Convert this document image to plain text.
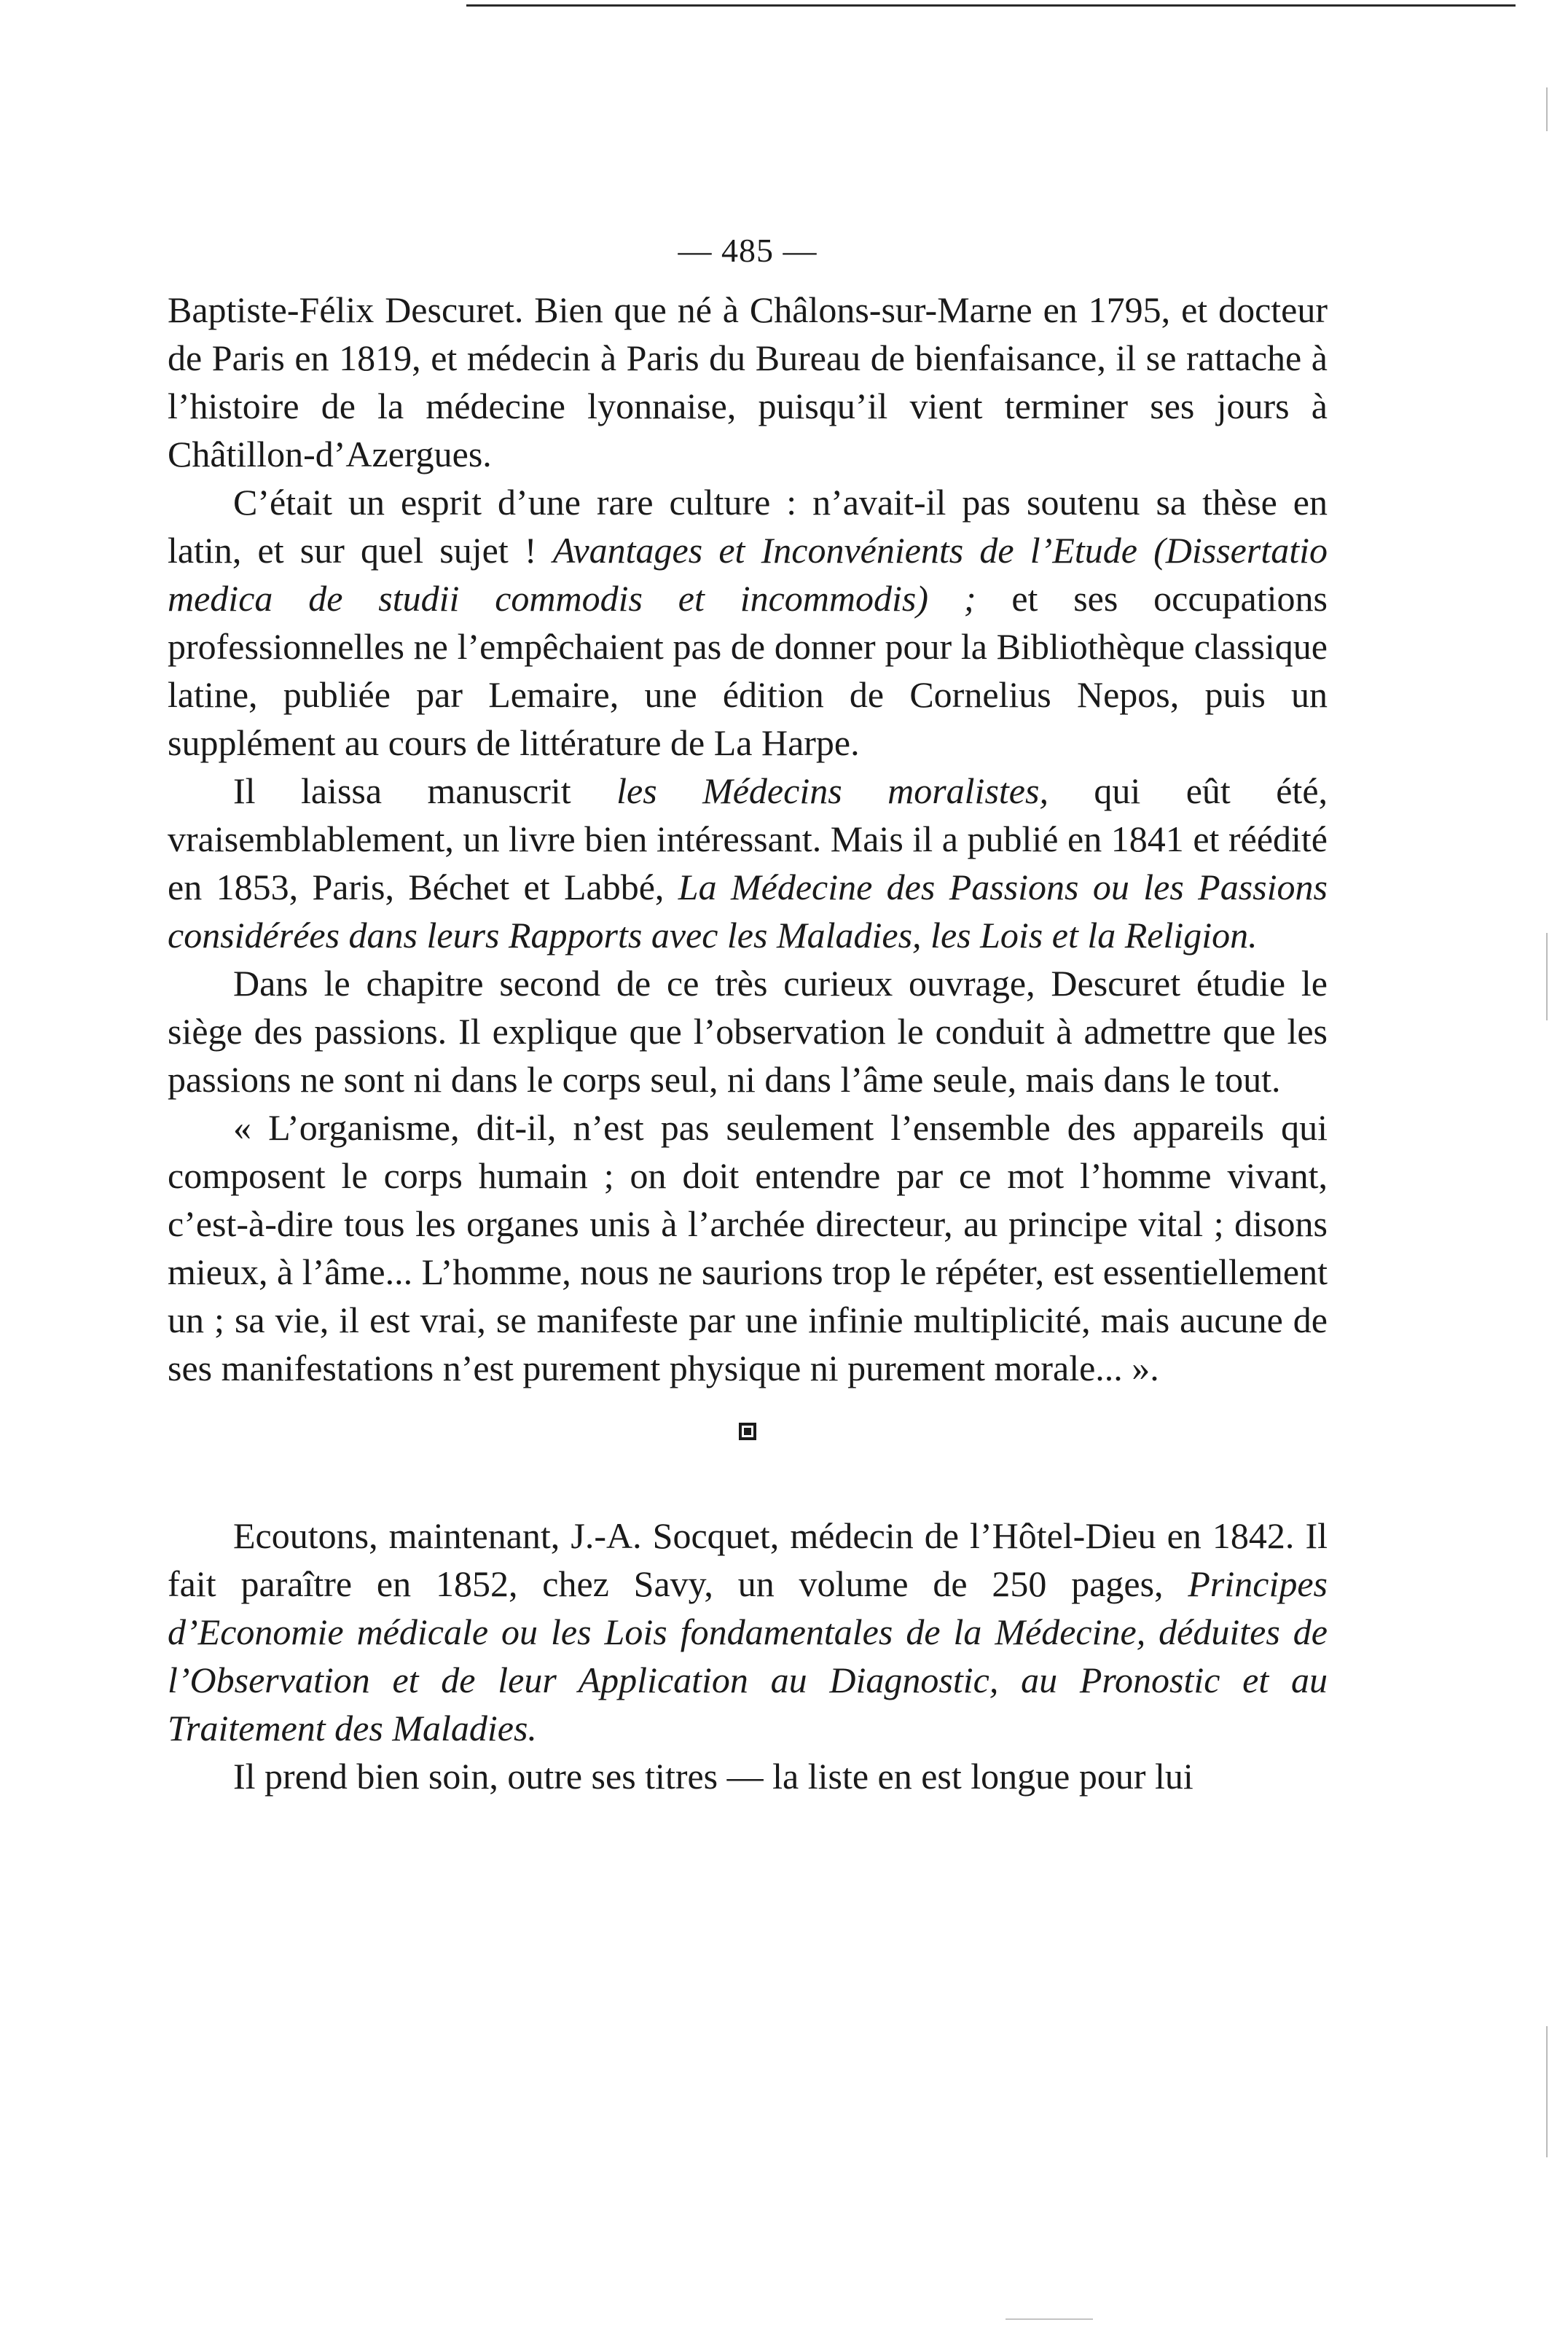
— 485 —

Baptiste-Félix Descuret. Bien que né à Châlons-sur-Marne en 1795, et docteur de Paris en 1819, et médecin à Paris du Bureau de bienfaisance, il se rattache à l’histoire de la médecine lyonnaise, puisqu’il vient terminer ses jours à Châtillon-d’Azergues.

C’était un esprit d’une rare culture : n’avait-il pas soutenu sa thèse en latin, et sur quel sujet ! Avantages et Inconvénients de l’Etude (Dissertatio medica de studii commodis et incommodis) ; et ses occupations professionnelles ne l’empêchaient pas de donner pour la Bibliothèque classique latine, publiée par Lemaire, une édition de Cornelius Nepos, puis un supplément au cours de littérature de La Harpe.

Il laissa manuscrit les Médecins moralistes, qui eût été, vraisemblablement, un livre bien intéressant. Mais il a publié en 1841 et réédité en 1853, Paris, Béchet et Labbé, La Médecine des Passions ou les Passions considérées dans leurs Rapports avec les Maladies, les Lois et la Religion.

Dans le chapitre second de ce très curieux ouvrage, Descuret étudie le siège des passions. Il explique que l’observation le conduit à admettre que les passions ne sont ni dans le corps seul, ni dans l’âme seule, mais dans le tout.

« L’organisme, dit-il, n’est pas seulement l’ensemble des appareils qui composent le corps humain ; on doit entendre par ce mot l’homme vivant, c’est-à-dire tous les organes unis à l’archée directeur, au principe vital ; disons mieux, à l’âme... L’homme, nous ne saurions trop le répéter, est essentiellement un ; sa vie, il est vrai, se manifeste par une infinie multiplicité, mais aucune de ses manifestations n’est purement physique ni purement morale... ».

Ecoutons, maintenant, J.-A. Socquet, médecin de l’Hôtel-Dieu en 1842. Il fait paraître en 1852, chez Savy, un volume de 250 pages, Principes d’Economie médicale ou les Lois fondamentales de la Médecine, déduites de l’Observation et de leur Application au Diagnostic, au Pronostic et au Traitement des Maladies.

Il prend bien soin, outre ses titres — la liste en est longue pour lui
